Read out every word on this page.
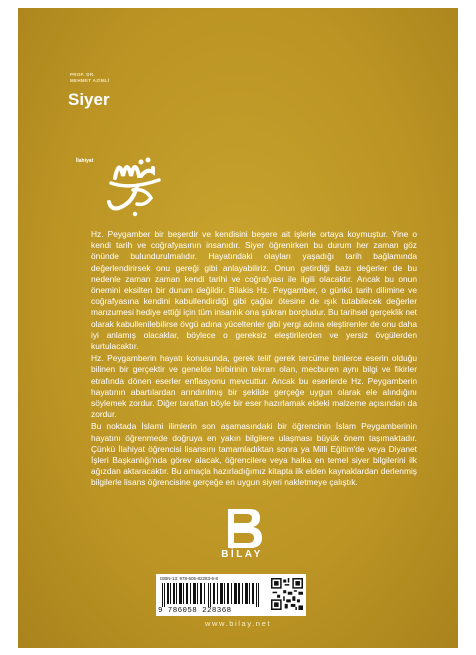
PROF. DR.
MEHMET AZİMLİ
Siyer
İlahiyat

Hz. Peygamber bir beşerdir ve kendisini beşere ait işlerle ortaya koymuştur. Yine o kendi tarih ve coğrafyasının insanıdır. Siyer öğrenirken bu durum her zaman göz önünde bulundurulmalıdır. Hayatındaki olayları yaşadığı tarih bağlamında değerlendirirsek onu gereği gibi anlayabiliriz. Onun getirdiği bazı değerler de bu nedenle zaman zaman kendi tarihi ve coğrafyası ile ilgili olacaktır. Ancak bu onun önemini eksilten bir durum değildir. Bilakis Hz. Peygamber, o günkü tarih dilimine ve coğrafyasına kendini kabullendirdiği gibi çağlar ötesine de ışık tutabilecek değerler manzumesi hediye ettiği için tüm insanlık ona şükran borçludur. Bu tarihsel gerçeklik net olarak kabullenilebilirse övgü adına yüceltenler gibi yergi adına eleştirenler de onu daha iyi anlamış olacaklar, böylece o gereksiz eleştirilerden ve yersiz övgülerden kurtulacaktır.

Hz. Peygamberin hayatı konusunda, gerek telif gerek tercüme binlerce eserin olduğu bilinen bir gerçektir ve genelde birbirinin tekrarı olan, mecburen aynı bilgi ve fikirler etrafında dönen eserler enflasyonu mevcuttur. Ancak bu eserlerde Hz. Peygamberin hayatının abartılardan arındırılmış bir şekilde gerçeğe uygun olarak ele alındığını söylemek zordur. Diğer taraftan böyle bir eser hazırlamak eldeki malzeme açısından da zordur.

Bu noktada İslami ilimlerin son aşamasındaki bir öğrencinin İslam Peygamberinin hayatını öğrenmede doğruya en yakın bilgilere ulaşması büyük önem taşımaktadır. Çünkü İlahiyat öğrencisi lisansını tamamladıktan sonra ya Milli Eğitim'de veya Diyanet İşleri Başkanlığı'nda görev alacak, öğrencilere veya halka en temel siyer bilgilerini ilk ağızdan aktaracaktır. Bu amaçla hazırladığımız kitapta ilk elden kaynaklardan derlenmiş bilgilerle lisans öğrencisine gerçeğe en uygun siyeri nakletmeye çalıştık.

BİLAY
ISBN-13: 978-605-82283-6-8
9 786058 228368
www.bilay.net
